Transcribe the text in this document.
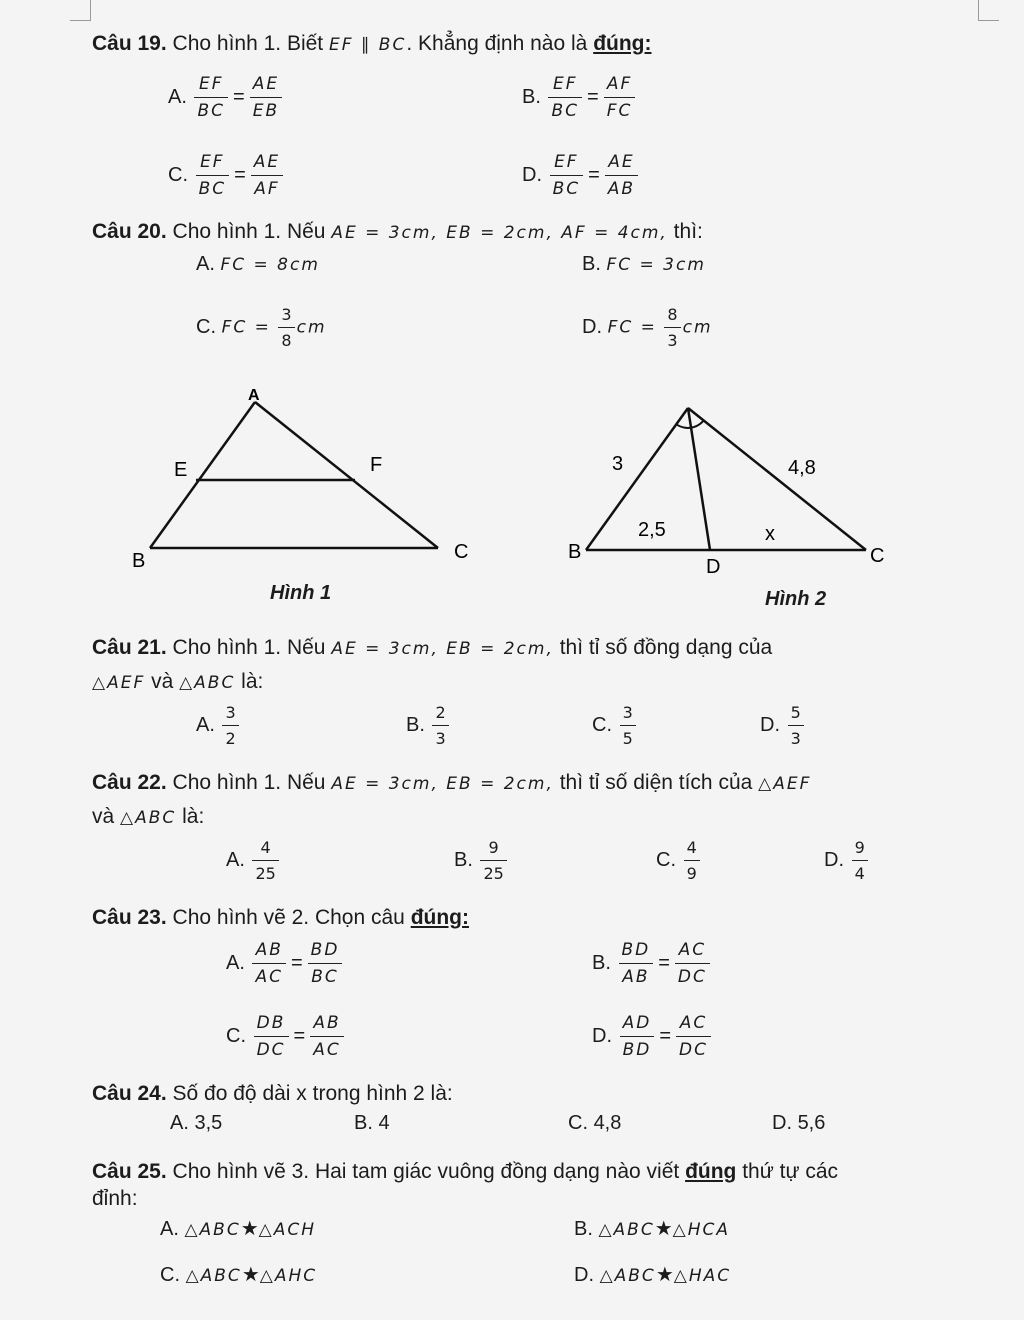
Câu 19. Cho hình 1. Biết EF ∥ BC. Khẳng định nào là đúng:
A. $\frac{EF}{BC} = \frac{AE}{EB}$	B. $\frac{EF}{BC} = \frac{AF}{FC}$
C. $\frac{EF}{BC} = \frac{AE}{AF}$	D. $\frac{EF}{BC} = \frac{AE}{AB}$
Câu 20. Cho hình 1. Nếu AE = 3cm, EB = 2cm, AF = 4cm, thì:
A. FC = 8cm	B. FC = 3cm
C. FC = $\frac{3}{8}$ cm	D. FC = $\frac{8}{3}$ cm
A
E	F
B	C
Hình 1
3	4,8
2,5	x
B
D	C
Hình 2
Câu 21. Cho hình 1. Nếu AE = 3cm, EB = 2cm, thì tỉ số đồng dạng của
△AEF và △ABC là:
A. $\frac{3}{2}$	B. $\frac{2}{3}$	C. $\frac{3}{5}$	D. $\frac{5}{3}$
Câu 22. Cho hình 1. Nếu AE = 3cm, EB = 2cm, thì tỉ số diện tích của △AEF
và △ABC là:
A. $\frac{4}{25}$	B. $\frac{9}{25}$	C. $\frac{4}{9}$	D. $\frac{9}{4}$
Câu 23. Cho hình vẽ 2. Chọn câu đúng:
A. $\frac{AB}{AC} = \frac{BD}{BC}$	B. $\frac{BD}{AB} = \frac{AC}{DC}$
C. $\frac{DB}{DC} = \frac{AB}{AC}$	D. $\frac{AD}{BD} = \frac{AC}{DC}$
Câu 24. Số đo độ dài x trong hình 2 là:
A. 3,5	B. 4	C. 4,8	D. 5,6
Câu 25. Cho hình vẽ 3. Hai tam giác vuông đồng dạng nào viết đúng thứ tự các
đỉnh:
A. △ABC★△ACH	B. △ABC★△HCA
C. △ABC★△AHC	D. △ABC★△HAC
